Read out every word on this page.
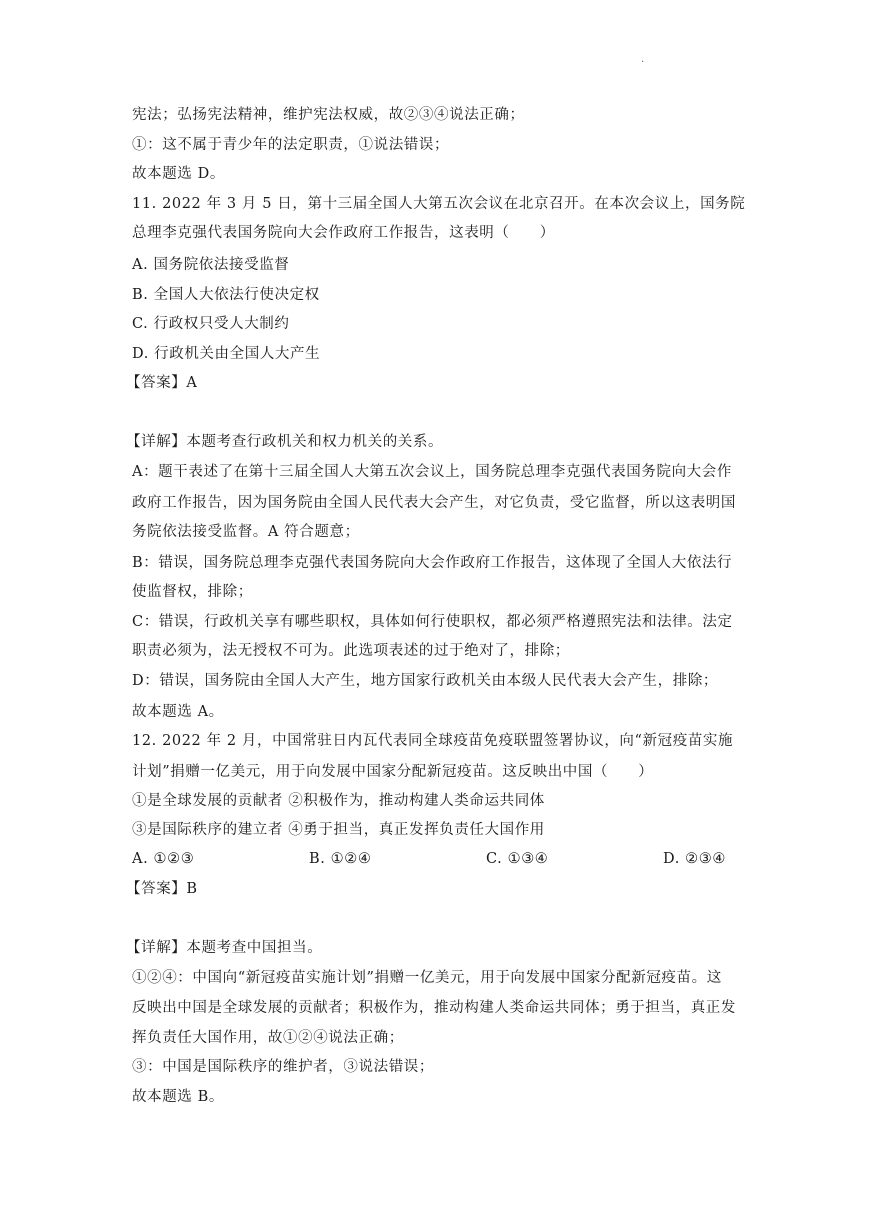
.
宪法；弘扬宪法精神，维护宪法权威，故②③④说法正确；
①：这不属于青少年的法定职责，①说法错误；
故本题选 D。
11. 2022 年 3 月 5 日，第十三届全国人大第五次会议在北京召开。在本次会议上，国务院
总理李克强代表国务院向大会作政府工作报告，这表明（　　）
A. 国务院依法接受监督
B. 全国人大依法行使决定权
C. 行政权只受人大制约
D. 行政机关由全国人大产生
【答案】A
【详解】本题考查行政机关和权力机关的关系。
A：题干表述了在第十三届全国人大第五次会议上，国务院总理李克强代表国务院向大会作
政府工作报告，因为国务院由全国人民代表大会产生，对它负责，受它监督，所以这表明国
务院依法接受监督。A 符合题意；
B：错误，国务院总理李克强代表国务院向大会作政府工作报告，这体现了全国人大依法行
使监督权，排除；
C：错误，行政机关享有哪些职权，具体如何行使职权，都必须严格遵照宪法和法律。法定
职责必须为，法无授权不可为。此选项表述的过于绝对了，排除；
D：错误，国务院由全国人大产生，地方国家行政机关由本级人民代表大会产生，排除；
故本题选 A。
12. 2022 年 2 月，中国常驻日内瓦代表同全球疫苗免疫联盟签署协议，向“新冠疫苗实施
计划”捐赠一亿美元，用于向发展中国家分配新冠疫苗。这反映出中国（　　）
①是全球发展的贡献者 ②积极作为，推动构建人类命运共同体
③是国际秩序的建立者 ④勇于担当，真正发挥负责任大国作用
A. ①②③	B. ①②④	C. ①③④	D. ②③④
【答案】B
【详解】本题考查中国担当。
①②④：中国向“新冠疫苗实施计划”捐赠一亿美元，用于向发展中国家分配新冠疫苗。这
反映出中国是全球发展的贡献者；积极作为，推动构建人类命运共同体；勇于担当，真正发
挥负责任大国作用，故①②④说法正确；
③：中国是国际秩序的维护者，③说法错误；
故本题选 B。
